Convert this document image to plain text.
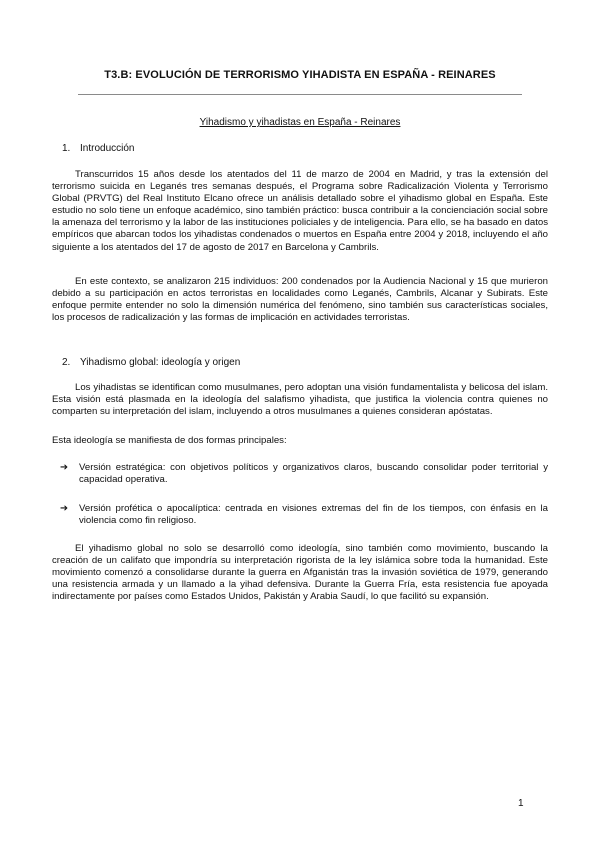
T3.B: EVOLUCIÓN DE TERRORISMO YIHADISTA EN ESPAÑA - REINARES
Yihadismo y yihadistas en España - Reinares
1. Introducción

Transcurridos 15 años desde los atentados del 11 de marzo de 2004 en Madrid, y tras la extensión del terrorismo suicida en Leganés tres semanas después, el Programa sobre Radicalización Violenta y Terrorismo Global (PRVTG) del Real Instituto Elcano ofrece un análisis detallado sobre el yihadismo global en España. Este estudio no solo tiene un enfoque académico, sino también práctico: busca contribuir a la concienciación social sobre la amenaza del terrorismo y la labor de las instituciones policiales y de inteligencia. Para ello, se ha basado en datos empíricos que abarcan todos los yihadistas condenados o muertos en España entre 2004 y 2018, incluyendo el año siguiente a los atentados del 17 de agosto de 2017 en Barcelona y Cambrils.

En este contexto, se analizaron 215 individuos: 200 condenados por la Audiencia Nacional y 15 que murieron debido a su participación en actos terroristas en localidades como Leganés, Cambrils, Alcanar y Subirats. Este enfoque permite entender no solo la dimensión numérica del fenómeno, sino también sus características sociales, los procesos de radicalización y las formas de implicación en actividades terroristas.

2. Yihadismo global: ideología y origen

Los yihadistas se identifican como musulmanes, pero adoptan una visión fundamentalista y belicosa del islam. Esta visión está plasmada en la ideología del salafismo yihadista, que justifica la violencia contra quienes no comparten su interpretación del islam, incluyendo a otros musulmanes a quienes consideran apóstatas.

Esta ideología se manifiesta de dos formas principales:

➔	Versión estratégica: con objetivos políticos y organizativos claros, buscando consolidar poder territorial y capacidad operativa.
➔	Versión profética o apocalíptica: centrada en visiones extremas del fin de los tiempos, con énfasis en la violencia como fin religioso.

El yihadismo global no solo se desarrolló como ideología, sino también como movimiento, buscando la creación de un califato que impondría su interpretación rigorista de la ley islámica sobre toda la humanidad. Este movimiento comenzó a consolidarse durante la guerra en Afganistán tras la invasión soviética de 1979, generando una resistencia armada y un llamado a la yihad defensiva. Durante la Guerra Fría, esta resistencia fue apoyada indirectamente por países como Estados Unidos, Pakistán y Arabia Saudí, lo que facilitó su expansión.

1
